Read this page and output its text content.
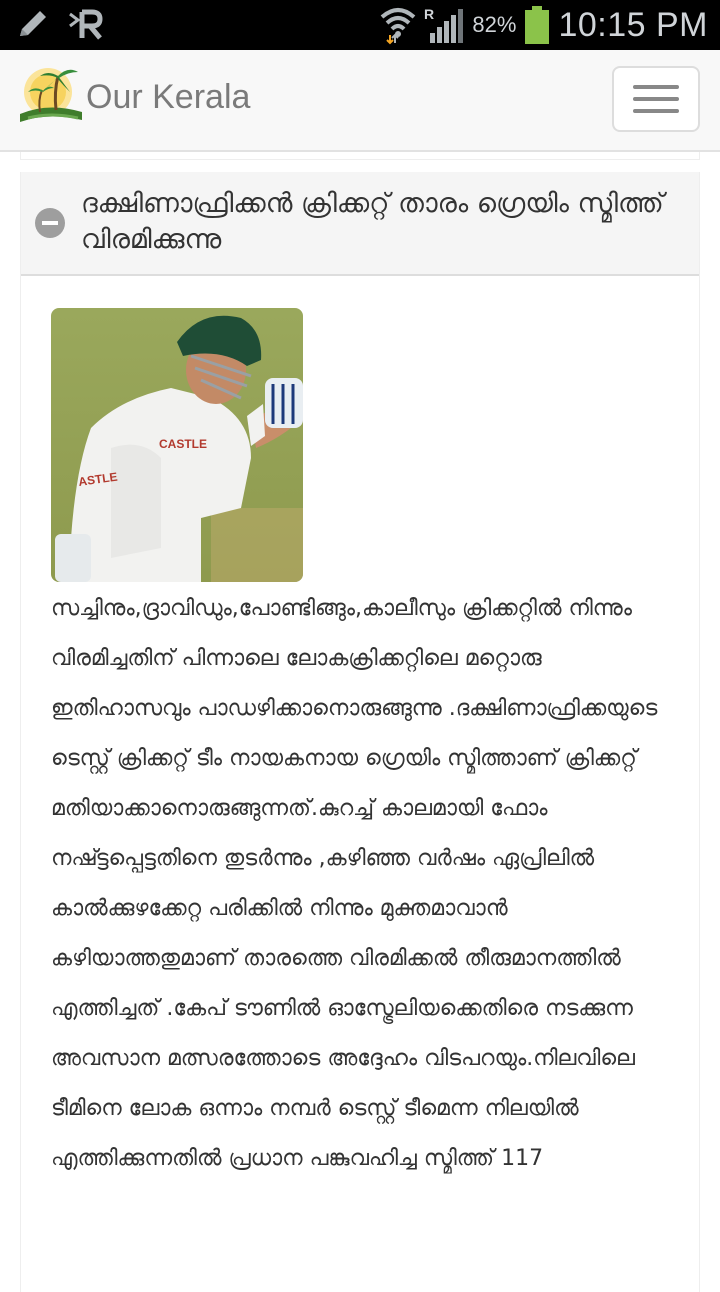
R 82% 10:15 PM
Our Kerala
ദക്ഷിണാഫ്രിക്കൻ ക്രിക്കറ്റ് താരം ഗ്രെയിം സ്മിത്ത് വിരമിക്കുന്നു
CASTLE
ASTLE
സച്ചിനും,ദ്രാവിഡും,പോണ്ടിങ്ങും,കാലീസും ക്രിക്കറ്റിൽ നിന്നും വിരമിച്ചതിന് പിന്നാലെ ലോകക്രിക്കറ്റിലെ മറ്റൊരു ഇതിഹാസവും പാഡഴിക്കാനൊരുങ്ങുന്നു .ദക്ഷിണാഫ്രിക്കയുടെ ടെസ്റ്റ് ക്രിക്കറ്റ് ടീം നായകനായ ഗ്രെയിം സ്മിത്താണ് ക്രിക്കറ്റ് മതിയാക്കാനൊരുങ്ങുന്നത്.കുറച്ച് കാലമായി ഫോം നഷ്ട്ടപ്പെട്ടതിനെ തുടർന്നും ,കഴിഞ്ഞ വർഷം ഏപ്രിലിൽ കാൽക്കുഴക്കേറ്റ പരിക്കിൽ നിന്നും മുക്തമാവാൻ കഴിയാത്തതുമാണ് താരത്തെ വിരമിക്കൽ തീരുമാനത്തിൽ എത്തിച്ചത് .കേപ് ടൗണിൽ ഓസ്ട്രേലിയക്കെതിരെ നടക്കുന്ന അവസാന മത്സരത്തോടെ അദ്ദേഹം വിടപറയും.നിലവിലെ ടീമിനെ ലോക ഒന്നാം നമ്പർ ടെസ്റ്റ് ടീമെന്ന നിലയിൽ എത്തിക്കുന്നതിൽ പ്രധാന പങ്കുവഹിച്ച സ്മിത്ത് 117
